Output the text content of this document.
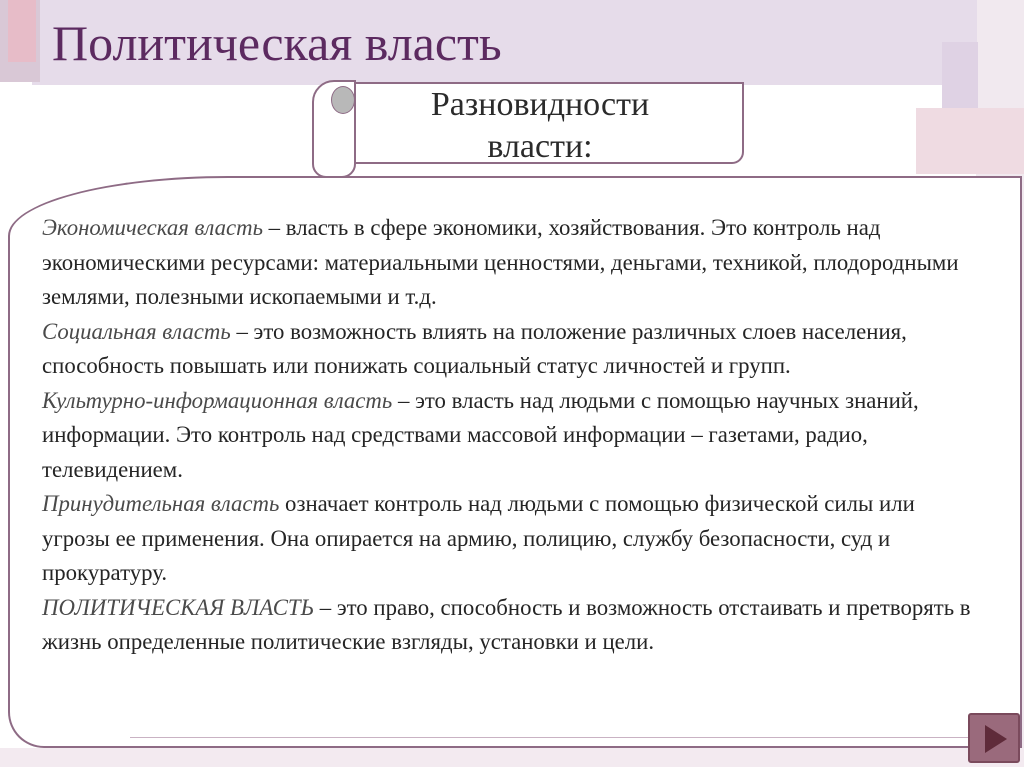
Политическая власть
Разновидности власти:

Экономическая власть – власть в сфере экономики, хозяйствования. Это контроль над экономическими ресурсами: материальными ценностями, деньгами, техникой, плодородными землями, полезными ископаемыми и т.д.

Социальная власть – это возможность влиять на положение различных слоев населения, способность повышать или понижать социальный статус личностей и групп.

Культурно-информационная власть – это власть над людьми с помощью научных знаний, информации. Это контроль над средствами массовой информации – газетами, радио, телевидением.

Принудительная власть означает контроль над людьми с помощью физической силы или угрозы ее применения. Она опирается на армию, полицию, службу безопасности, суд и прокуратуру.

ПОЛИТИЧЕСКАЯ ВЛАСТЬ – это право, способность и возможность отстаивать и претворять в жизнь определенные политические взгляды, установки и цели.
